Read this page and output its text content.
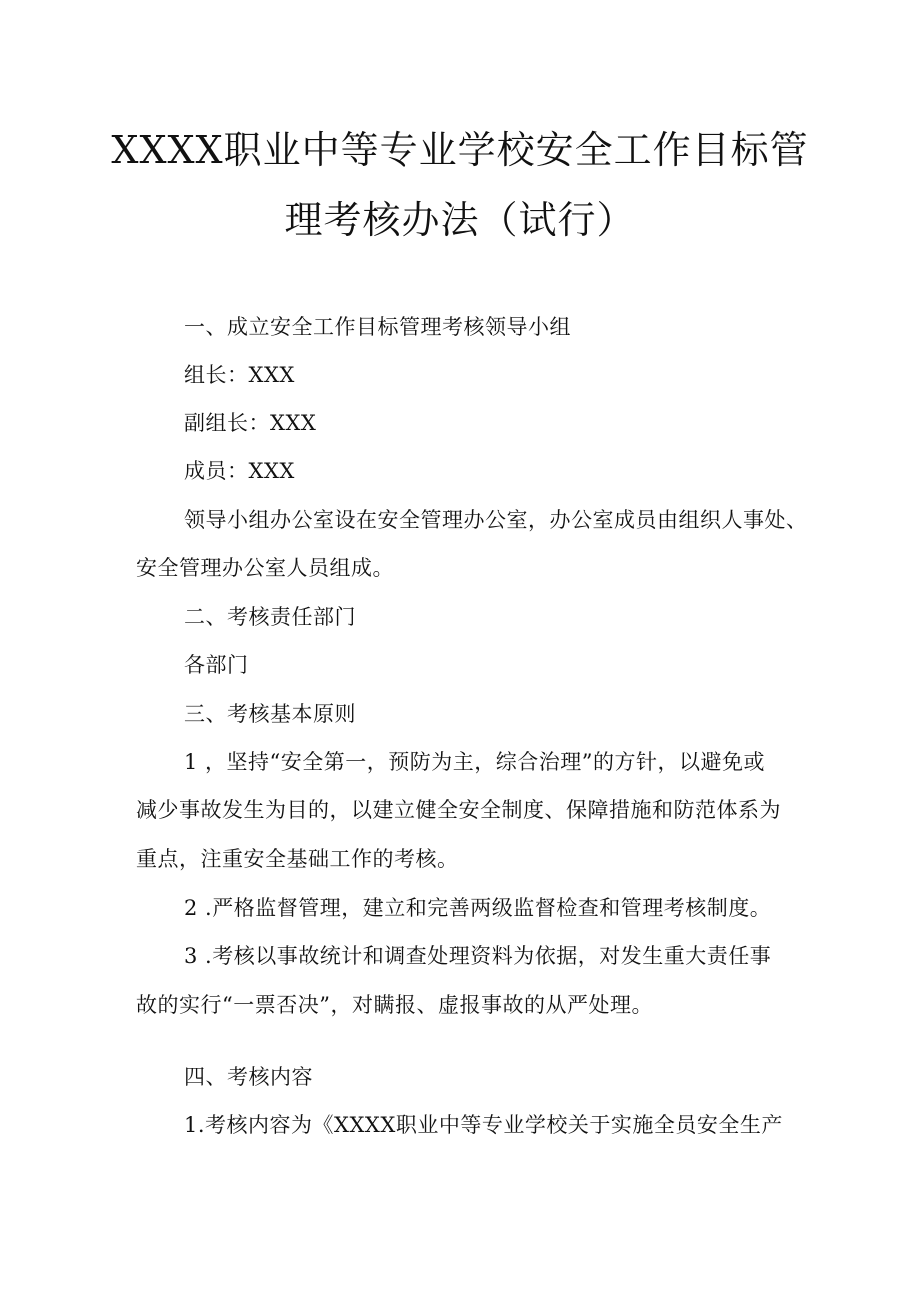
XXXX职业中等专业学校安全工作目标管
理考核办法（试行）
一、成立安全工作目标管理考核领导小组
组长：XXX
副组长：XXX
成员：XXX
领导小组办公室设在安全管理办公室，办公室成员由组织人事处、
安全管理办公室人员组成。
二、考核责任部门
各部门
三、考核基本原则
1 ，坚持“安全第一，预防为主，综合治理”的方针，以避免或
减少事故发生为目的，以建立健全安全制度、保障措施和防范体系为
重点，注重安全基础工作的考核。
2 .严格监督管理，建立和完善两级监督检查和管理考核制度。
3 .考核以事故统计和调查处理资料为依据，对发生重大责任事
故的实行“一票否决”，对瞒报、虚报事故的从严处理。
四、考核内容
1.考核内容为《XXXX职业中等专业学校关于实施全员安全生产
